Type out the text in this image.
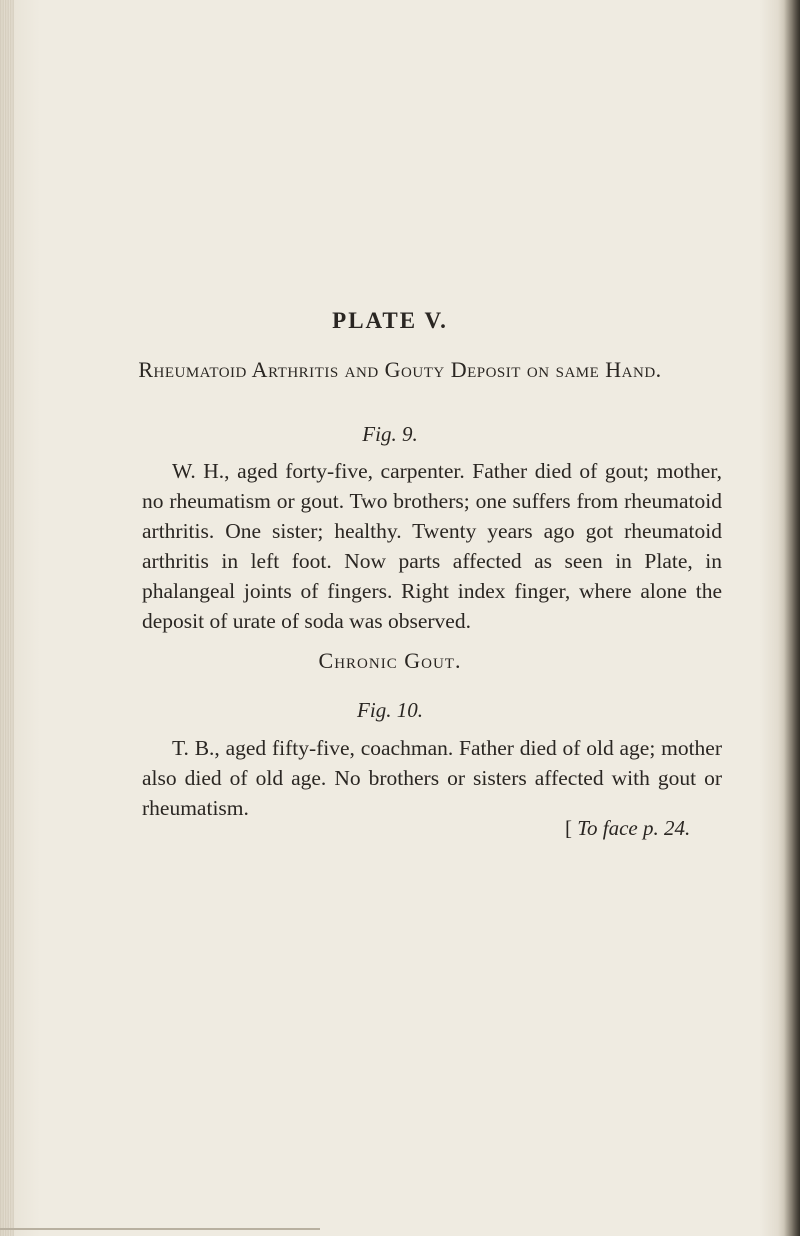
PLATE V.

Rheumatoid Arthritis and Gouty Deposit on same Hand.

Fig. 9.

W. H., aged forty-five, carpenter. Father died of gout; mother, no rheumatism or gout. Two brothers; one suffers from rheumatoid arthritis. One sister; healthy. Twenty years ago got rheumatoid arthritis in left foot. Now parts affected as seen in Plate, in phalangeal joints of fingers. Right index finger, where alone the deposit of urate of soda was observed.

Chronic Gout.

Fig. 10.

T. B., aged fifty-five, coachman. Father died of old age; mother also died of old age. No brothers or sisters affected with gout or rheumatism.

[ To face p. 24.
